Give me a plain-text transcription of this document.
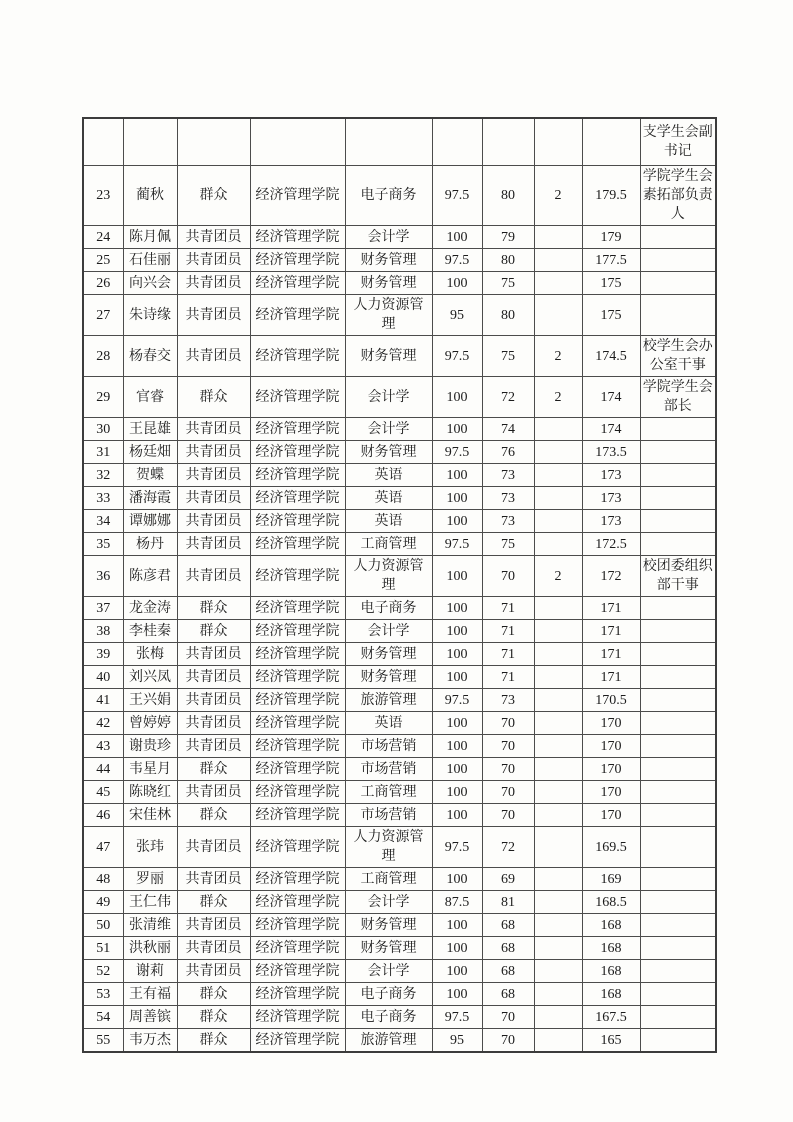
									支学生会副书记
23	蔺秋	群众	经济管理学院	电子商务	97.5	80	2	179.5	学院学生会素拓部负责人
24	陈月佩	共青团员	经济管理学院	会计学	100	79		179	
25	石佳丽	共青团员	经济管理学院	财务管理	97.5	80		177.5	
26	向兴会	共青团员	经济管理学院	财务管理	100	75		175	
27	朱诗缘	共青团员	经济管理学院	人力资源管理	95	80		175	
28	杨春交	共青团员	经济管理学院	财务管理	97.5	75	2	174.5	校学生会办公室干事
29	官睿	群众	经济管理学院	会计学	100	72	2	174	学院学生会部长
30	王昆雄	共青团员	经济管理学院	会计学	100	74		174	
31	杨廷畑	共青团员	经济管理学院	财务管理	97.5	76		173.5	
32	贺蝶	共青团员	经济管理学院	英语	100	73		173	
33	潘海霞	共青团员	经济管理学院	英语	100	73		173	
34	谭娜娜	共青团员	经济管理学院	英语	100	73		173	
35	杨丹	共青团员	经济管理学院	工商管理	97.5	75		172.5	
36	陈彦君	共青团员	经济管理学院	人力资源管理	100	70	2	172	校团委组织部干事
37	龙金涛	群众	经济管理学院	电子商务	100	71		171	
38	李桂秦	群众	经济管理学院	会计学	100	71		171	
39	张梅	共青团员	经济管理学院	财务管理	100	71		171	
40	刘兴凤	共青团员	经济管理学院	财务管理	100	71		171	
41	王兴娟	共青团员	经济管理学院	旅游管理	97.5	73		170.5	
42	曾婷婷	共青团员	经济管理学院	英语	100	70		170	
43	谢贵珍	共青团员	经济管理学院	市场营销	100	70		170	
44	韦星月	群众	经济管理学院	市场营销	100	70		170	
45	陈晓红	共青团员	经济管理学院	工商管理	100	70		170	
46	宋佳林	群众	经济管理学院	市场营销	100	70		170	
47	张玮	共青团员	经济管理学院	人力资源管理	97.5	72		169.5	
48	罗丽	共青团员	经济管理学院	工商管理	100	69		169	
49	王仁伟	群众	经济管理学院	会计学	87.5	81		168.5	
50	张清维	共青团员	经济管理学院	财务管理	100	68		168	
51	洪秋丽	共青团员	经济管理学院	财务管理	100	68		168	
52	谢莉	共青团员	经济管理学院	会计学	100	68		168	
53	王有福	群众	经济管理学院	电子商务	100	68		168	
54	周善镔	群众	经济管理学院	电子商务	97.5	70		167.5	
55	韦万杰	群众	经济管理学院	旅游管理	95	70		165	
